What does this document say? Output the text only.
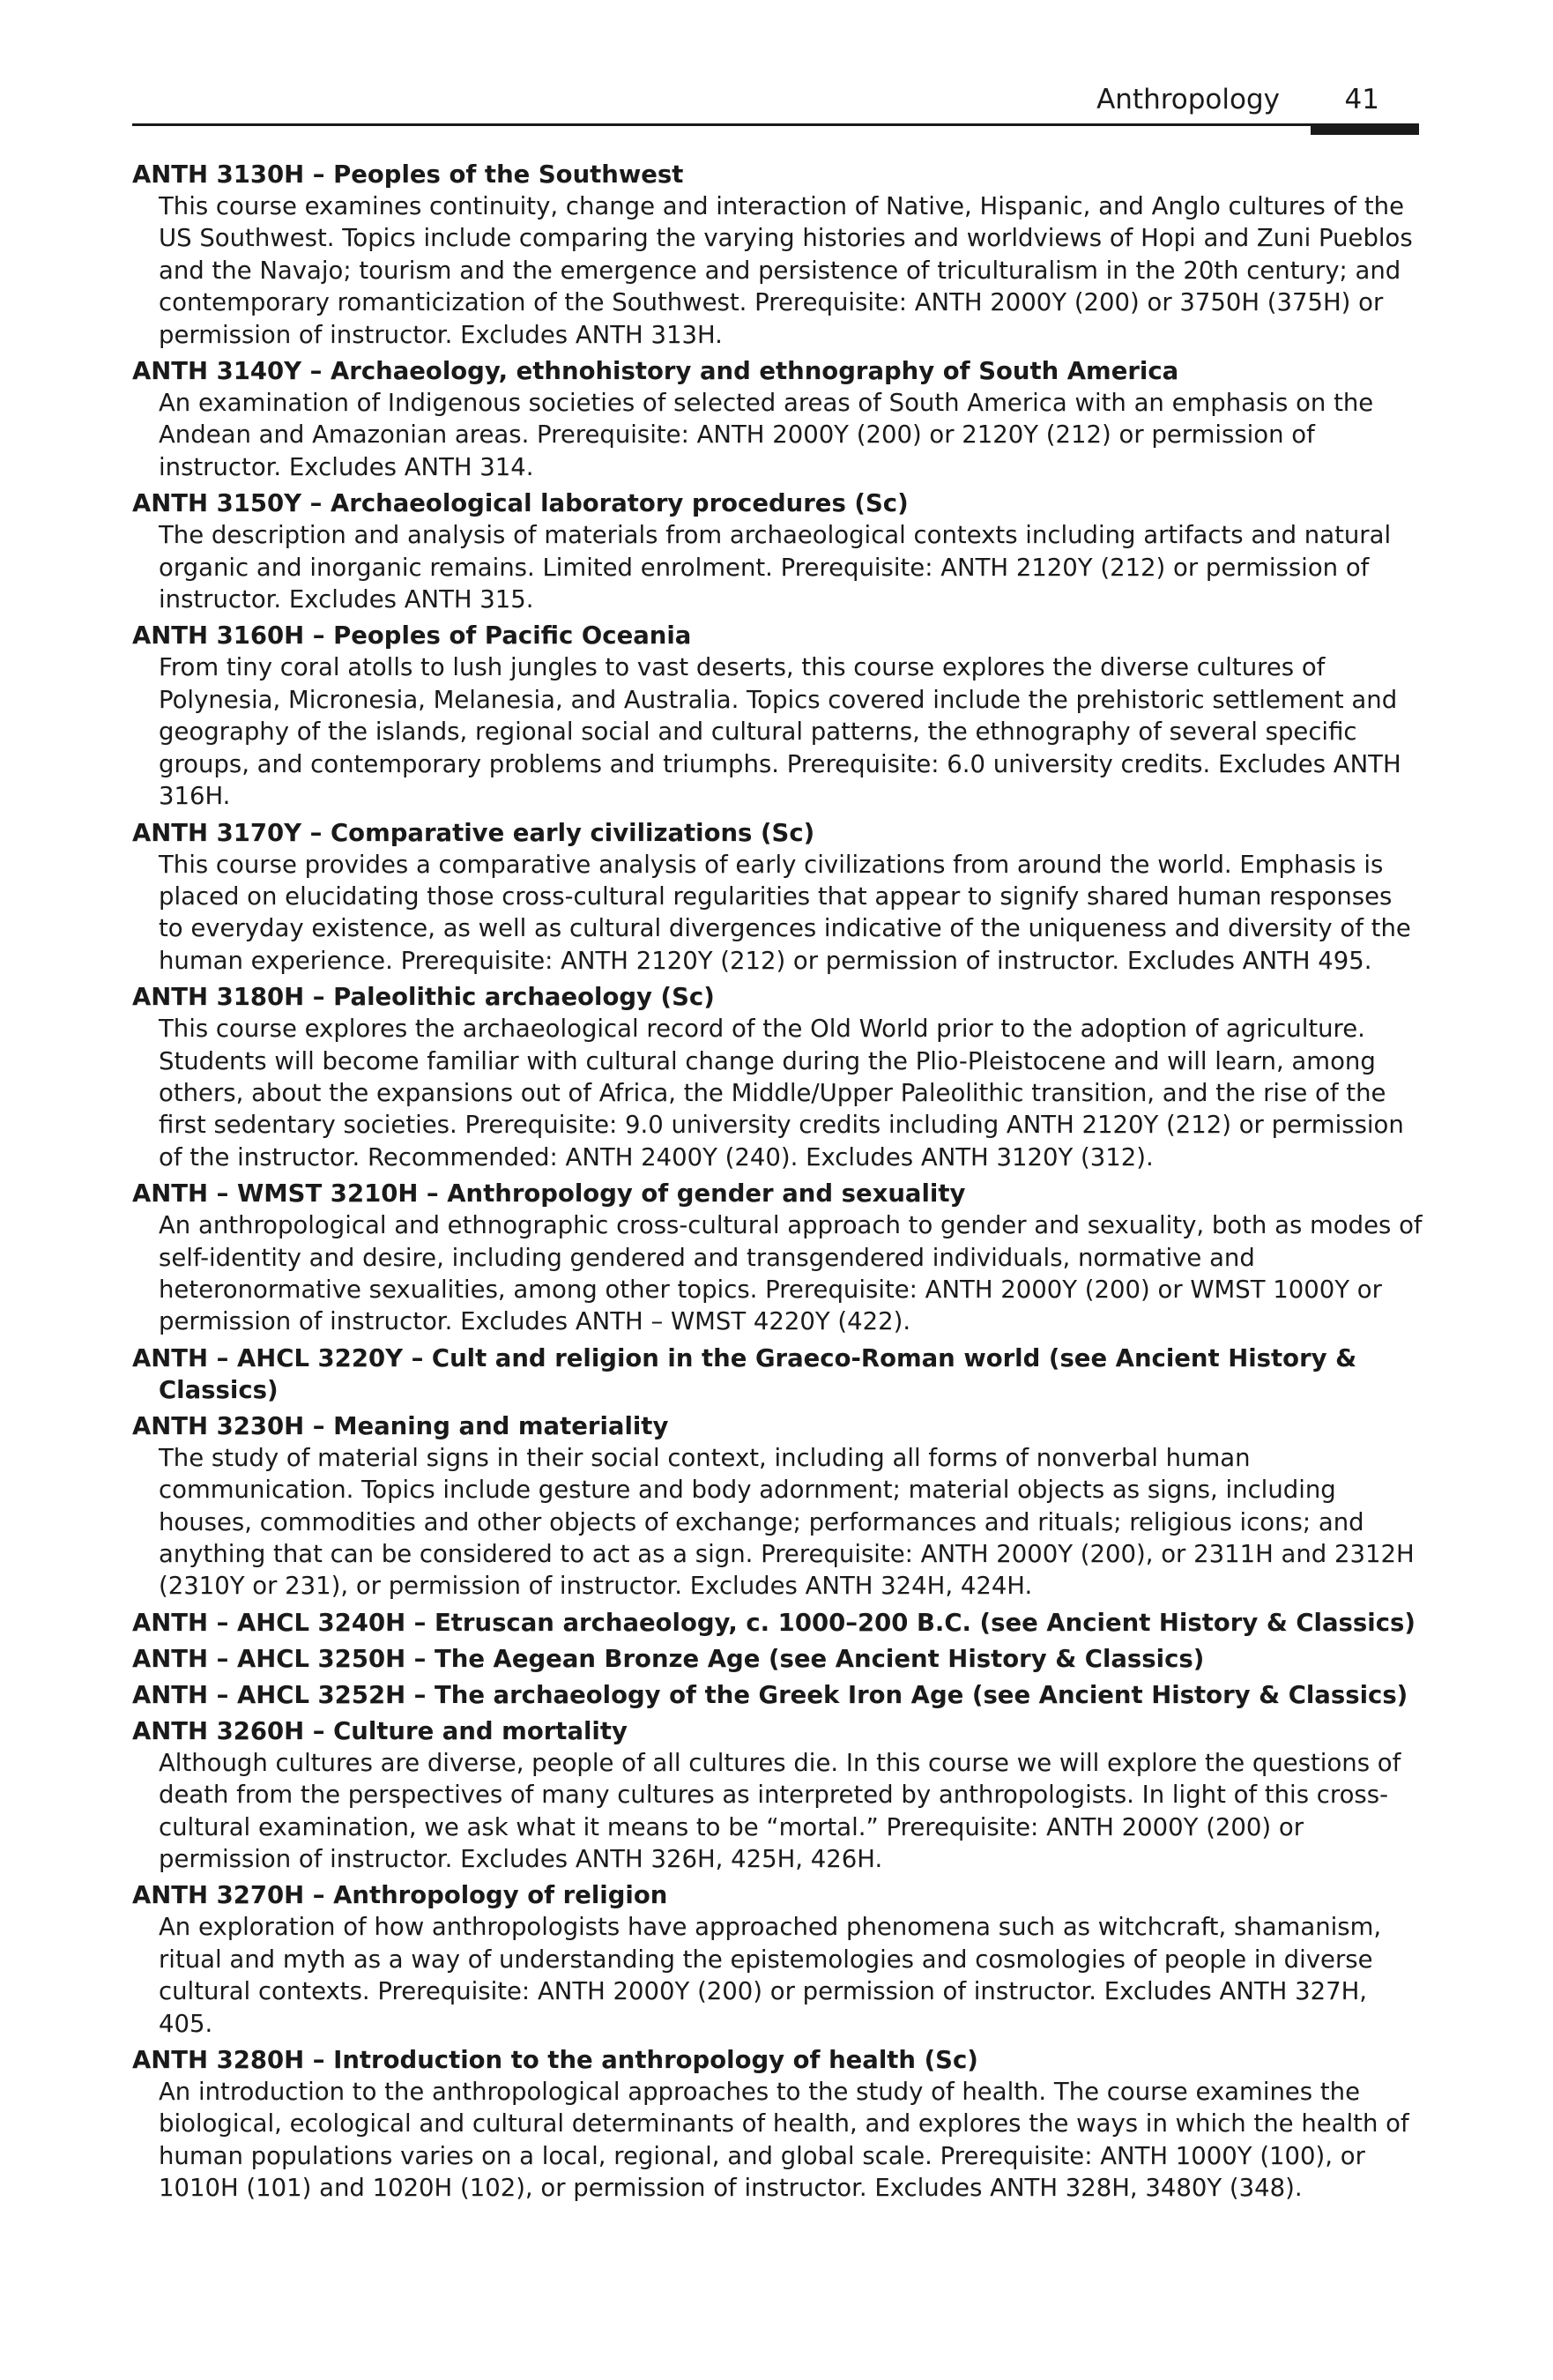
Anthropology 41
ANTH 3130H – Peoples of the Southwest
This course examines continuity, change and interaction of Native, Hispanic, and Anglo cultures of the US Southwest. Topics include comparing the varying histories and worldviews of Hopi and Zuni Pueblos and the Navajo; tourism and the emergence and persistence of triculturalism in the 20th century; and contemporary romanticization of the Southwest. Prerequisite: ANTH 2000Y (200) or 3750H (375H) or permission of instructor. Excludes ANTH 313H.
ANTH 3140Y – Archaeology, ethnohistory and ethnography of South America
An examination of Indigenous societies of selected areas of South America with an emphasis on the Andean and Amazonian areas. Prerequisite: ANTH 2000Y (200) or 2120Y (212) or permission of instructor. Excludes ANTH 314.
ANTH 3150Y – Archaeological laboratory procedures (Sc)
The description and analysis of materials from archaeological contexts including artifacts and natural organic and inorganic remains. Limited enrolment. Prerequisite: ANTH 2120Y (212) or permission of instructor. Excludes ANTH 315.
ANTH 3160H – Peoples of Pacific Oceania
From tiny coral atolls to lush jungles to vast deserts, this course explores the diverse cultures of Polynesia, Micronesia, Melanesia, and Australia. Topics covered include the prehistoric settlement and geography of the islands, regional social and cultural patterns, the ethnography of several specific groups, and contemporary problems and triumphs. Prerequisite: 6.0 university credits. Excludes ANTH 316H.
ANTH 3170Y – Comparative early civilizations (Sc)
This course provides a comparative analysis of early civilizations from around the world. Emphasis is placed on elucidating those cross-cultural regularities that appear to signify shared human responses to everyday existence, as well as cultural divergences indicative of the uniqueness and diversity of the human experience. Prerequisite: ANTH 2120Y (212) or permission of instructor. Excludes ANTH 495.
ANTH 3180H – Paleolithic archaeology (Sc)
This course explores the archaeological record of the Old World prior to the adoption of agriculture. Students will become familiar with cultural change during the Plio-Pleistocene and will learn, among others, about the expansions out of Africa, the Middle/Upper Paleolithic transition, and the rise of the first sedentary societies. Prerequisite: 9.0 university credits including ANTH 2120Y (212) or permission of the instructor. Recommended: ANTH 2400Y (240). Excludes ANTH 3120Y (312).
ANTH – WMST 3210H – Anthropology of gender and sexuality
An anthropological and ethnographic cross-cultural approach to gender and sexuality, both as modes of self-identity and desire, including gendered and transgendered individuals, normative and heteronormative sexualities, among other topics. Prerequisite: ANTH 2000Y (200) or WMST 1000Y or permission of instructor. Excludes ANTH – WMST 4220Y (422).
ANTH – AHCL 3220Y – Cult and religion in the Graeco-Roman world (see Ancient History & Classics)
ANTH 3230H – Meaning and materiality
The study of material signs in their social context, including all forms of nonverbal human communication. Topics include gesture and body adornment; material objects as signs, including houses, commodities and other objects of exchange; performances and rituals; religious icons; and anything that can be considered to act as a sign. Prerequisite: ANTH 2000Y (200), or 2311H and 2312H (2310Y or 231), or permission of instructor. Excludes ANTH 324H, 424H.
ANTH – AHCL 3240H – Etruscan archaeology, c. 1000–200 B.C. (see Ancient History & Classics)
ANTH – AHCL 3250H – The Aegean Bronze Age (see Ancient History & Classics)
ANTH – AHCL 3252H – The archaeology of the Greek Iron Age (see Ancient History & Classics)
ANTH 3260H – Culture and mortality
Although cultures are diverse, people of all cultures die. In this course we will explore the questions of death from the perspectives of many cultures as interpreted by anthropologists. In light of this cross-cultural examination, we ask what it means to be “mortal.” Prerequisite: ANTH 2000Y (200) or permission of instructor. Excludes ANTH 326H, 425H, 426H.
ANTH 3270H – Anthropology of religion
An exploration of how anthropologists have approached phenomena such as witchcraft, shamanism, ritual and myth as a way of understanding the epistemologies and cosmologies of people in diverse cultural contexts. Prerequisite: ANTH 2000Y (200) or permission of instructor. Excludes ANTH 327H, 405.
ANTH 3280H – Introduction to the anthropology of health (Sc)
An introduction to the anthropological approaches to the study of health. The course examines the biological, ecological and cultural determinants of health, and explores the ways in which the health of human populations varies on a local, regional, and global scale. Prerequisite: ANTH 1000Y (100), or 1010H (101) and 1020H (102), or permission of instructor. Excludes ANTH 328H, 3480Y (348).
